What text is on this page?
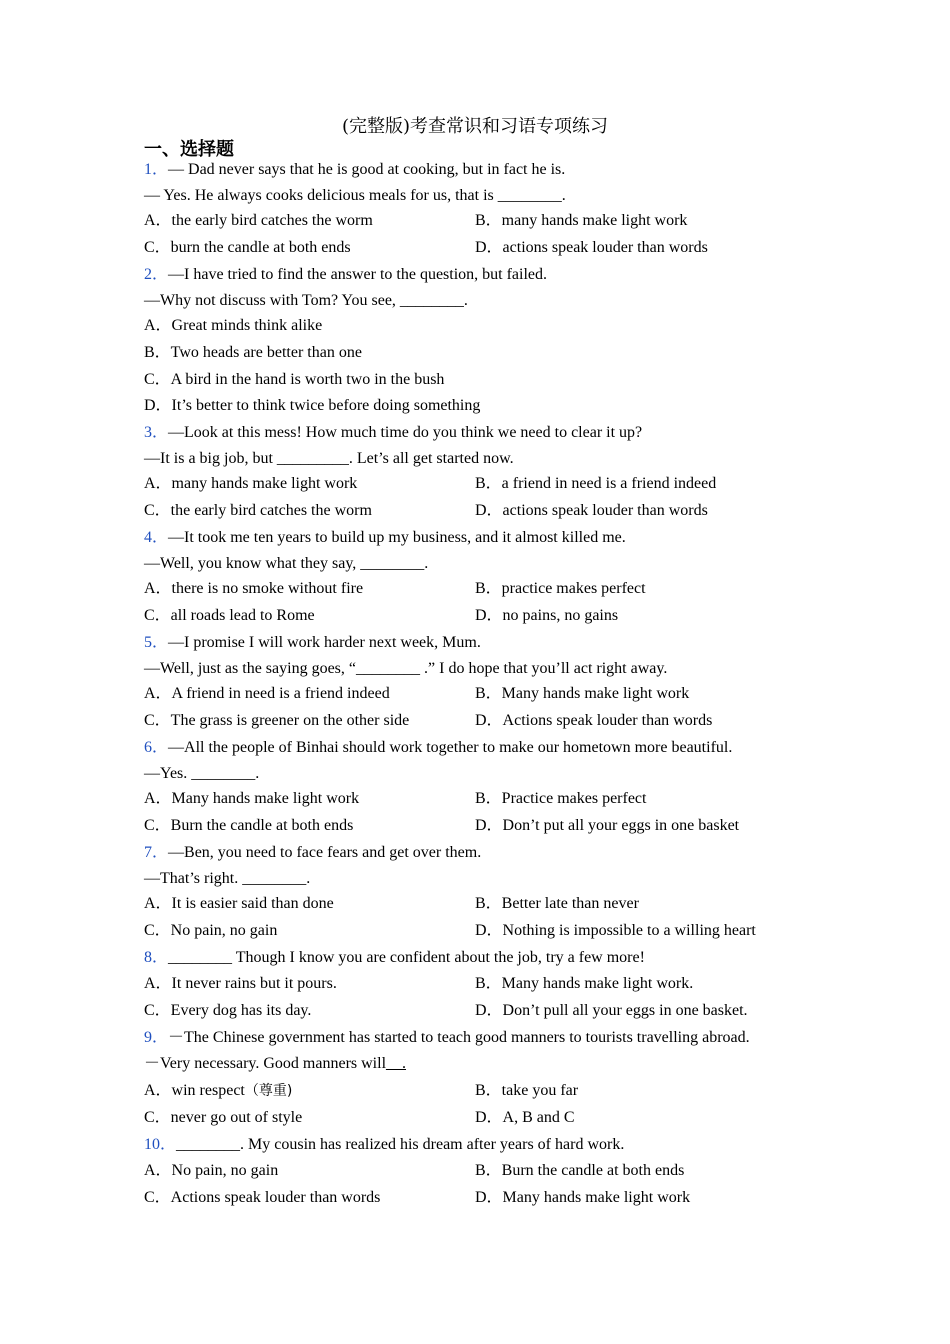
(完整版)考查常识和习语专项练习
一、选择题
1．— Dad never says that he is good at cooking, but in fact he is.
— Yes. He always cooks delicious meals for us, that is ________.
A．the early bird catches the worm	B．many hands make light work
C．burn the candle at both ends	D．actions speak louder than words
2．—I have tried to find the answer to the question, but failed.
—Why not discuss with Tom? You see, ________.
A．Great minds think alike
B．Two heads are better than one
C．A bird in the hand is worth two in the bush
D．It’s better to think twice before doing something
3．—Look at this mess! How much time do you think we need to clear it up?
—It is a big job, but _________. Let’s all get started now.
A．many hands make light work	B．a friend in need is a friend indeed
C．the early bird catches the worm	D．actions speak louder than words
4．—It took me ten years to build up my business, and it almost killed me.
—Well, you know what they say, ________.
A．there is no smoke without fire	B．practice makes perfect
C．all roads lead to Rome	D．no pains, no gains
5．—I promise I will work harder next week, Mum.
—Well, just as the saying goes, “________ .” I do hope that you’ll act right away.
A．A friend in need is a friend indeed	B．Many hands make light work
C．The grass is greener on the other side	D．Actions speak louder than words
6．—All the people of Binhai should work together to make our hometown more beautiful.
—Yes. ________.
A．Many hands make light work	B．Practice makes perfect
C．Burn the candle at both ends	D．Don’t put all your eggs in one basket
7．—Ben, you need to face fears and get over them.
—That’s right. ________.
A．It is easier said than done	B．Better late than never
C．No pain, no gain	D．Nothing is impossible to a willing heart
8．________ Though I know you are confident about the job, try a few more!
A．It never rains but it pours.	B．Many hands make light work.
C．Every dog has its day.	D．Don’t pull all your eggs in one basket.
9．－The Chinese government has started to teach good manners to tourists travelling abroad.
－Very necessary. Good manners will__.
A．win respect（尊重)	B．take you far
C．never go out of style	D．A, B and C
10．________. My cousin has realized his dream after years of hard work.
A．No pain, no gain	B．Burn the candle at both ends
C．Actions speak louder than words	D．Many hands make light work
